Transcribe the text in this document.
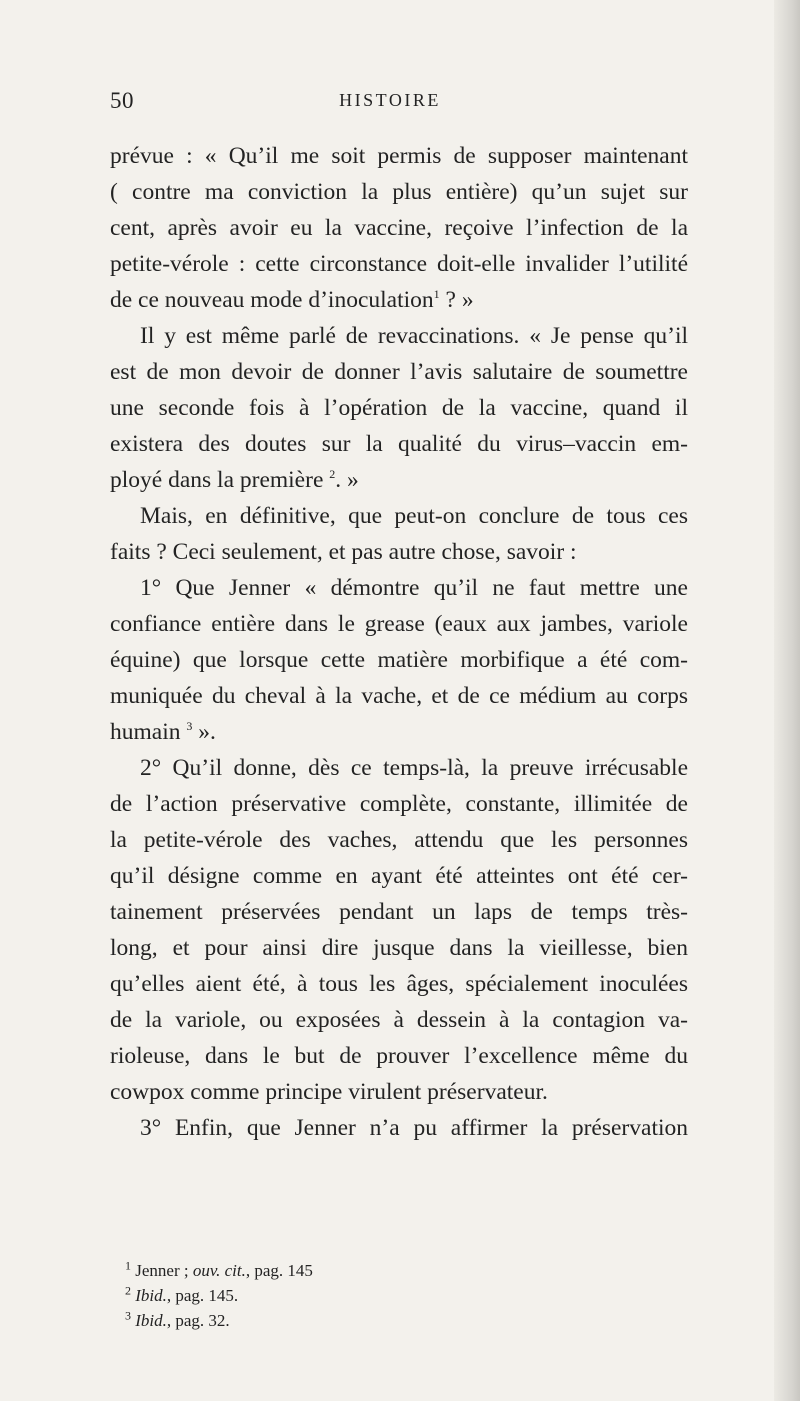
50	HISTOIRE
prévue : « Qu’il me soit permis de supposer maintenant
( contre ma conviction la plus entière) qu’un sujet sur
cent, après avoir eu la vaccine, reçoive l’infection de la
petite-vérole : cette circonstance doit-elle invalider l’utilité
de ce nouveau mode d’inoculation$^1$ ? »
Il y est même parlé de revaccinations. « Je pense qu’il
est de mon devoir de donner l’avis salutaire de soumettre
une seconde fois à l’opération de la vaccine, quand il
existera des doutes sur la qualité du virus–vaccin em-
ployé dans la première $^2$. »
Mais, en définitive, que peut-on conclure de tous ces
faits ? Ceci seulement, et pas autre chose, savoir :
1° Que Jenner « démontre qu’il ne faut mettre une
confiance entière dans le grease (eaux aux jambes, variole
équine) que lorsque cette matière morbifique a été com-
muniquée du cheval à la vache, et de ce médium au corps
humain $^3$ ».
2° Qu’il donne, dès ce temps-là, la preuve irrécusable
de l’action préservative complète, constante, illimitée de
la petite-vérole des vaches, attendu que les personnes
qu’il désigne comme en ayant été atteintes ont été cer-
tainement préservées pendant un laps de temps très-
long, et pour ainsi dire jusque dans la vieillesse, bien
qu’elles aient été, à tous les âges, spécialement inoculées
de la variole, ou exposées à dessein à la contagion va-
rioleuse, dans le but de prouver l’excellence même du
cowpox comme principe virulent préservateur.
3° Enfin, que Jenner n’a pu affirmer la préservation
$^1$ Jenner ; ouv. cit., pag. 145
$^2$ Ibid., pag. 145.
$^3$ Ibid., pag. 32.
